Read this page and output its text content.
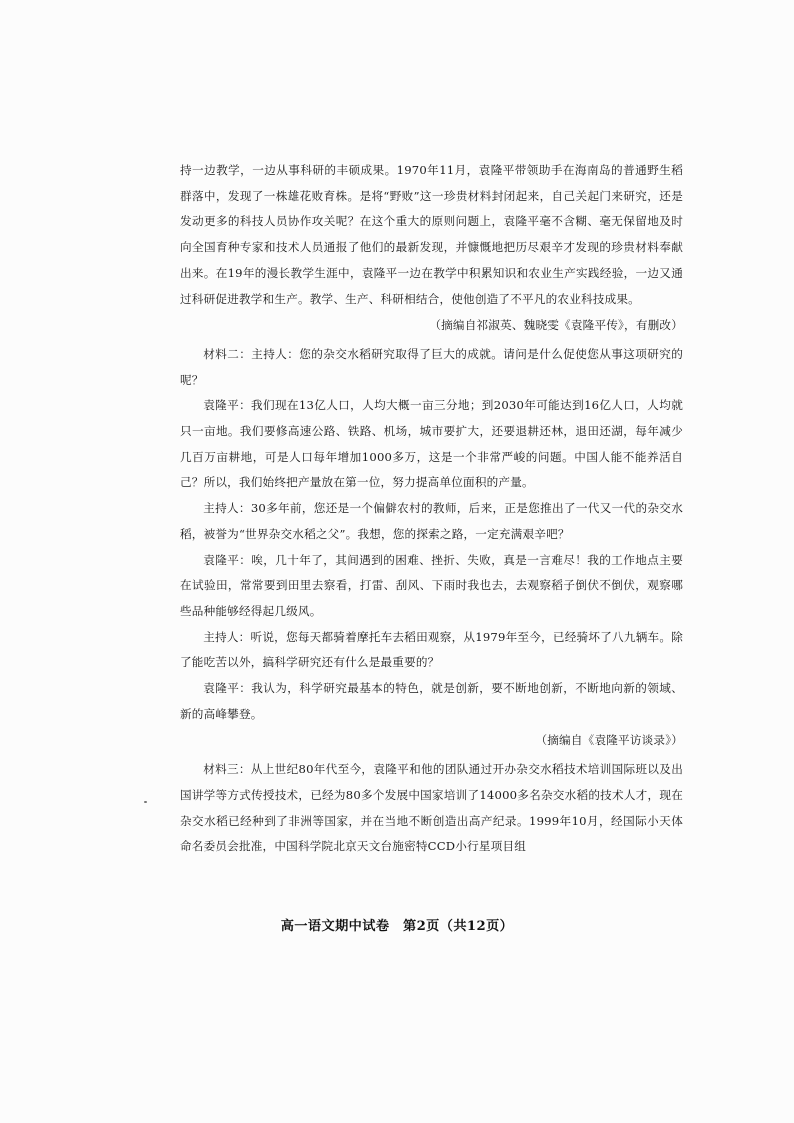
持一边教学，一边从事科研的丰硕成果。1970年11月，袁隆平带领助手在海南岛的普通野生稻群落中，发现了一株雄花败育株。是将“野败”这一珍贵材料封闭起来，自己关起门来研究，还是发动更多的科技人员协作攻关呢？在这个重大的原则问题上，袁隆平毫不含糊、毫无保留地及时向全国育种专家和技术人员通报了他们的最新发现，并慷慨地把历尽艰辛才发现的珍贵材料奉献出来。在19年的漫长教学生涯中，袁隆平一边在教学中积累知识和农业生产实践经验，一边又通过科研促进教学和生产。教学、生产、科研相结合，使他创造了不平凡的农业科技成果。

（摘编自祁淑英、魏晓雯《袁隆平传》，有删改）

材料二：主持人：您的杂交水稻研究取得了巨大的成就。请问是什么促使您从事这项研究的呢？

袁隆平：我们现在13亿人口，人均大概一亩三分地；到2030年可能达到16亿人口，人均就只一亩地。我们要修高速公路、铁路、机场，城市要扩大，还要退耕还林，退田还湖，每年减少几百万亩耕地，可是人口每年增加1000多万，这是一个非常严峻的问题。中国人能不能养活自己？所以，我们始终把产量放在第一位，努力提高单位面积的产量。

主持人：30多年前，您还是一个偏僻农村的教师，后来，正是您推出了一代又一代的杂交水稻，被誉为“世界杂交水稻之父”。我想，您的探索之路，一定充满艰辛吧？

袁隆平：唉，几十年了，其间遇到的困难、挫折、失败，真是一言难尽！我的工作地点主要在试验田，常常要到田里去察看，打雷、刮风、下雨时我也去，去观察稻子倒伏不倒伏，观察哪些品种能够经得起几级风。

主持人：听说，您每天都骑着摩托车去稻田观察，从1979年至今，已经骑坏了八九辆车。除了能吃苦以外，搞科学研究还有什么是最重要的？

袁隆平：我认为，科学研究最基本的特色，就是创新，要不断地创新，不断地向新的领域、新的高峰攀登。

（摘编自《袁隆平访谈录》）

材料三：从上世纪80年代至今，袁隆平和他的团队通过开办杂交水稻技术培训国际班以及出国讲学等方式传授技术，已经为80多个发展中国家培训了14000多名杂交水稻的技术人才，现在杂交水稻已经种到了非洲等国家，并在当地不断创造出高产纪录。1999年10月，经国际小天体命名委员会批准，中国科学院北京天文台施密特CCD小行星项目组

高一语文期中试卷　第2页（共12页）
